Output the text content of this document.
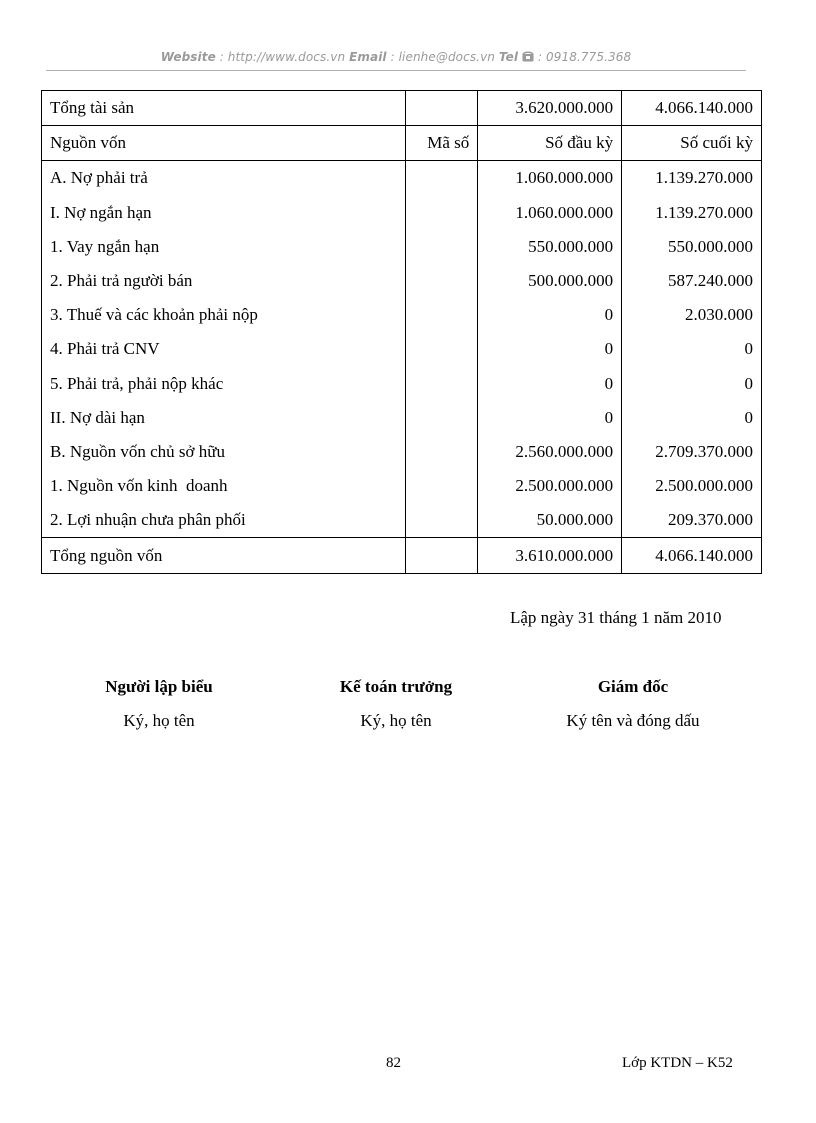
Website : http://www.docs.vn Email : lienhe@docs.vn Tel : 0918.775.368
Tổng tài sản		3.620.000.000	4.066.140.000
Nguồn vốn	Mã số	Số đầu kỳ	Số cuối kỳ
A. Nợ phải trả		1.060.000.000	1.139.270.000
I. Nợ ngắn hạn		1.060.000.000	1.139.270.000
1. Vay ngắn hạn		550.000.000	550.000.000
2. Phải trả người bán		500.000.000	587.240.000
3. Thuế và các khoản phải nộp		0	2.030.000
4. Phải trả CNV		0	0
5. Phải trả, phải nộp khác		0	0
II. Nợ dài hạn		0	0
B. Nguồn vốn chủ sở hữu		2.560.000.000	2.709.370.000
1. Nguồn vốn kinh  doanh		2.500.000.000	2.500.000.000
2. Lợi nhuận chưa phân phối		50.000.000	209.370.000
Tổng nguồn vốn		3.610.000.000	4.066.140.000
Lập ngày 31 tháng 1 năm 2010
Người lập biểu
Ký, họ tên
Kế toán trưởng
Ký, họ tên
Giám đốc
Ký tên và đóng dấu
82	Lớp KTDN – K52
